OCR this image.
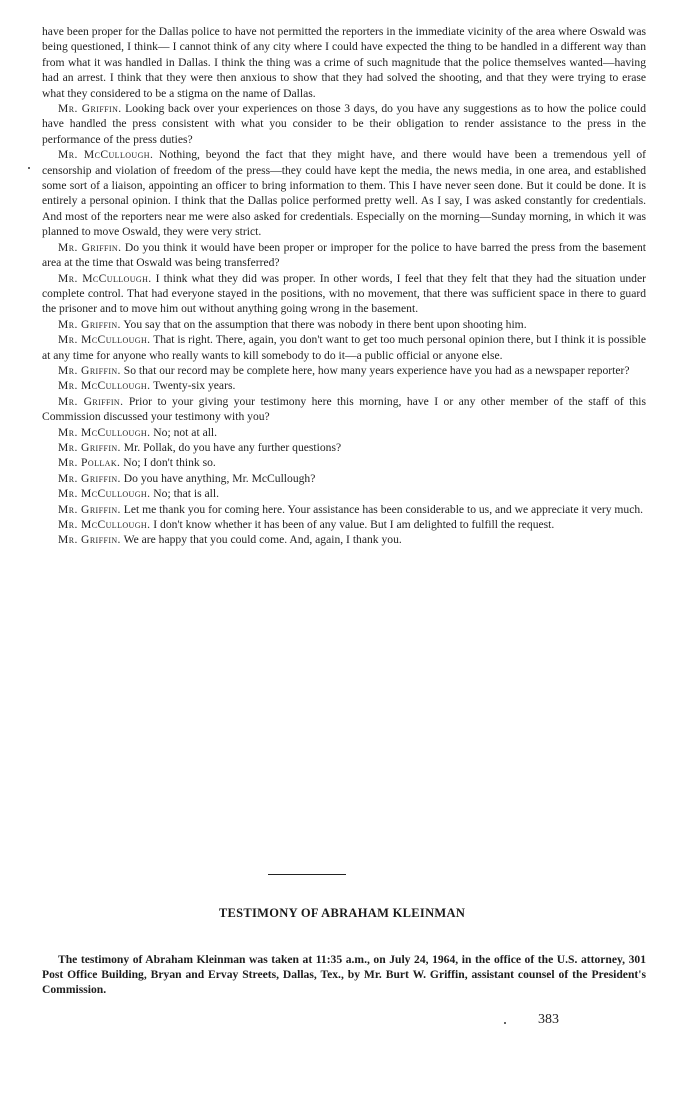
have been proper for the Dallas police to have not permitted the reporters in the immediate vicinity of the area where Oswald was being questioned, I think— I cannot think of any city where I could have expected the thing to be handled in a different way than from what it was handled in Dallas. I think the thing was a crime of such magnitude that the police themselves wanted—having had an arrest. I think that they were then anxious to show that they had solved the shooting, and that they were trying to erase what they considered to be a stigma on the name of Dallas.

Mr. Griffin. Looking back over your experiences on those 3 days, do you have any suggestions as to how the police could have handled the press consistent with what you consider to be their obligation to render assistance to the press in the performance of the press duties?

Mr. McCullough. Nothing, beyond the fact that they might have, and there would have been a tremendous yell of censorship and violation of freedom of the press—they could have kept the media, the news media, in one area, and established some sort of a liaison, appointing an officer to bring information to them. This I have never seen done. But it could be done. It is entirely a personal opinion. I think that the Dallas police performed pretty well. As I say, I was asked constantly for credentials. And most of the reporters near me were also asked for credentials. Especially on the morning—Sunday morning, in which it was planned to move Oswald, they were very strict.

Mr. Griffin. Do you think it would have been proper or improper for the police to have barred the press from the basement area at the time that Oswald was being transferred?

Mr. McCullough. I think what they did was proper. In other words, I feel that they felt that they had the situation under complete control. That had everyone stayed in the positions, with no movement, that there was sufficient space in there to guard the prisoner and to move him out without anything going wrong in the basement.

Mr. Griffin. You say that on the assumption that there was nobody in there bent upon shooting him.

Mr. McCullough. That is right. There, again, you don't want to get too much personal opinion there, but I think it is possible at any time for anyone who really wants to kill somebody to do it—a public official or anyone else.

Mr. Griffin. So that our record may be complete here, how many years experience have you had as a newspaper reporter?

Mr. McCullough. Twenty-six years.

Mr. Griffin. Prior to your giving your testimony here this morning, have I or any other member of the staff of this Commission discussed your testimony with you?

Mr. McCullough. No; not at all.

Mr. Griffin. Mr. Pollak, do you have any further questions?

Mr. Pollak. No; I don't think so.

Mr. Griffin. Do you have anything, Mr. McCullough?

Mr. McCullough. No; that is all.

Mr. Griffin. Let me thank you for coming here. Your assistance has been considerable to us, and we appreciate it very much.

Mr. McCullough. I don't know whether it has been of any value. But I am delighted to fulfill the request.

Mr. Griffin. We are happy that you could come. And, again, I thank you.

TESTIMONY OF ABRAHAM KLEINMAN

The testimony of Abraham Kleinman was taken at 11:35 a.m., on July 24, 1964, in the office of the U.S. attorney, 301 Post Office Building, Bryan and Ervay Streets, Dallas, Tex., by Mr. Burt W. Griffin, assistant counsel of the President's Commission.

383
